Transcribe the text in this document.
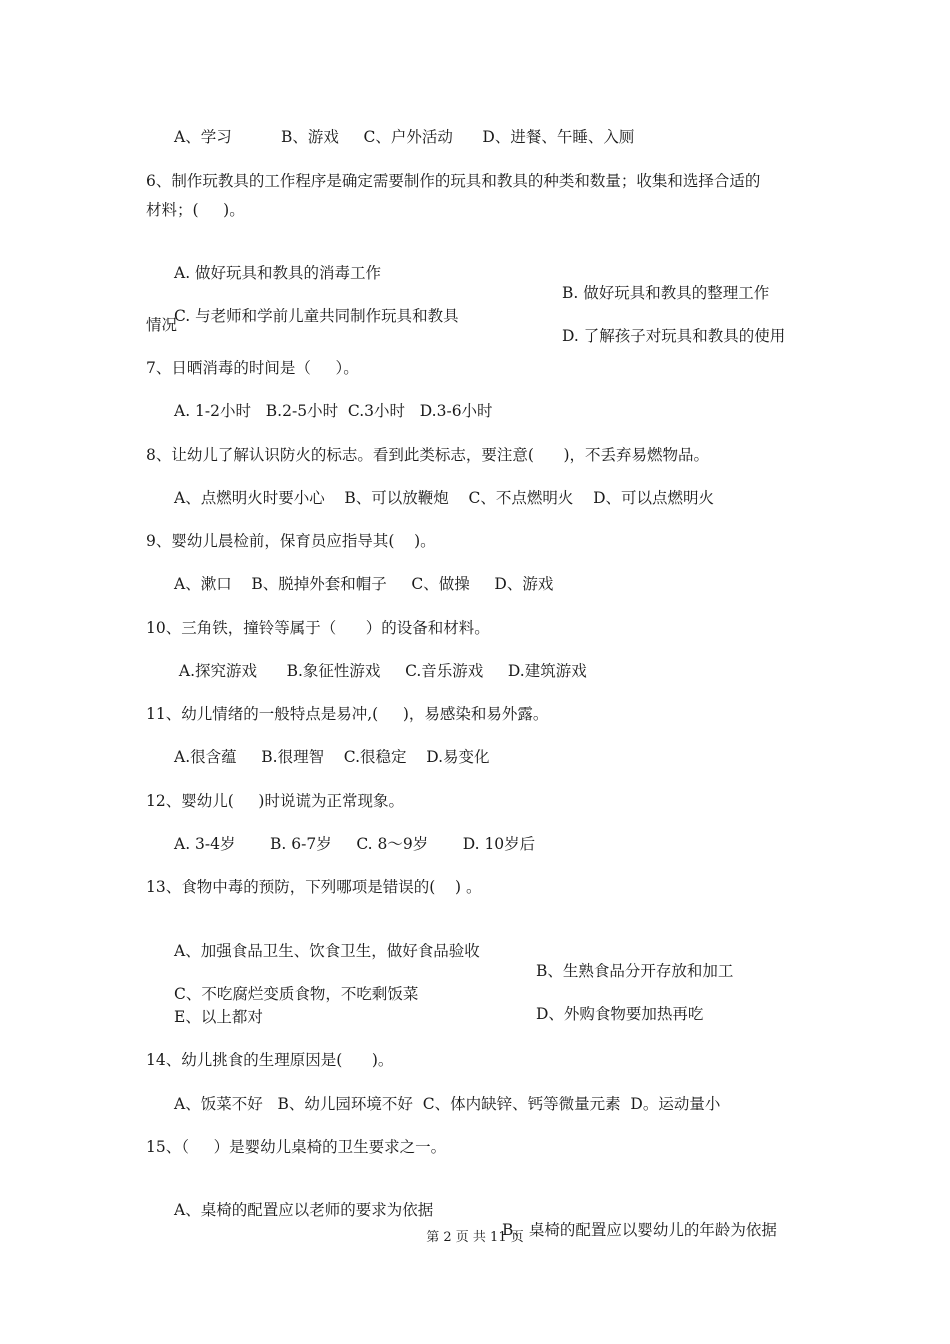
A、学习          B、游戏     C、户外活动      D、进餐、午睡、入厕
6、制作玩教具的工作程序是确定需要制作的玩具和教具的种类和数量；收集和选择合适的
材料；(     )。

A. 做好玩具和教具的消毒工作

B. 做好玩具和教具的整理工作

C. 与老师和学前儿童共同制作玩具和教具

D. 了解孩子对玩具和教具的使用

情况
7、日晒消毒的时间是（     ）。
A. 1-2小时   B.2-5小时  C.3小时   D.3-6小时
8、让幼儿了解认识防火的标志。看到此类标志，要注意(      )，不丢弃易燃物品。
A、点燃明火时要小心    B、可以放鞭炮    C、不点燃明火    D、可以点燃明火
9、婴幼儿晨检前，保育员应指导其(    )。
A、漱口    B、脱掉外套和帽子     C、做操     D、游戏
10、三角铁，撞铃等属于（      ）的设备和材料。
A.探究游戏      B.象征性游戏     C.音乐游戏     D.建筑游戏
11、幼儿情绪的一般特点是易冲,(     )，易感染和易外露。
A.很含蕴     B.很理智    C.很稳定    D.易变化
12、婴幼儿(     )时说谎为正常现象。
A. 3-4岁       B. 6-7岁     C. 8～9岁       D. 10岁后
13、食物中毒的预防，下列哪项是错误的(    ) 。

A、加强食品卫生、饮食卫生，做好食品验收

B、生熟食品分开存放和加工

C、不吃腐烂变质食物，不吃剩饭菜

D、外购食物要加热再吃

E、以上都对
14、幼儿挑食的生理原因是(      )。
A、饭菜不好   B、幼儿园环境不好  C、体内缺锌、钙等微量元素  D。运动量小
15、（     ）是婴幼儿桌椅的卫生要求之一。

A、桌椅的配置应以老师的要求为依据

B、桌椅的配置应以婴幼儿的年龄为依据

第 2 页 共 11 页
